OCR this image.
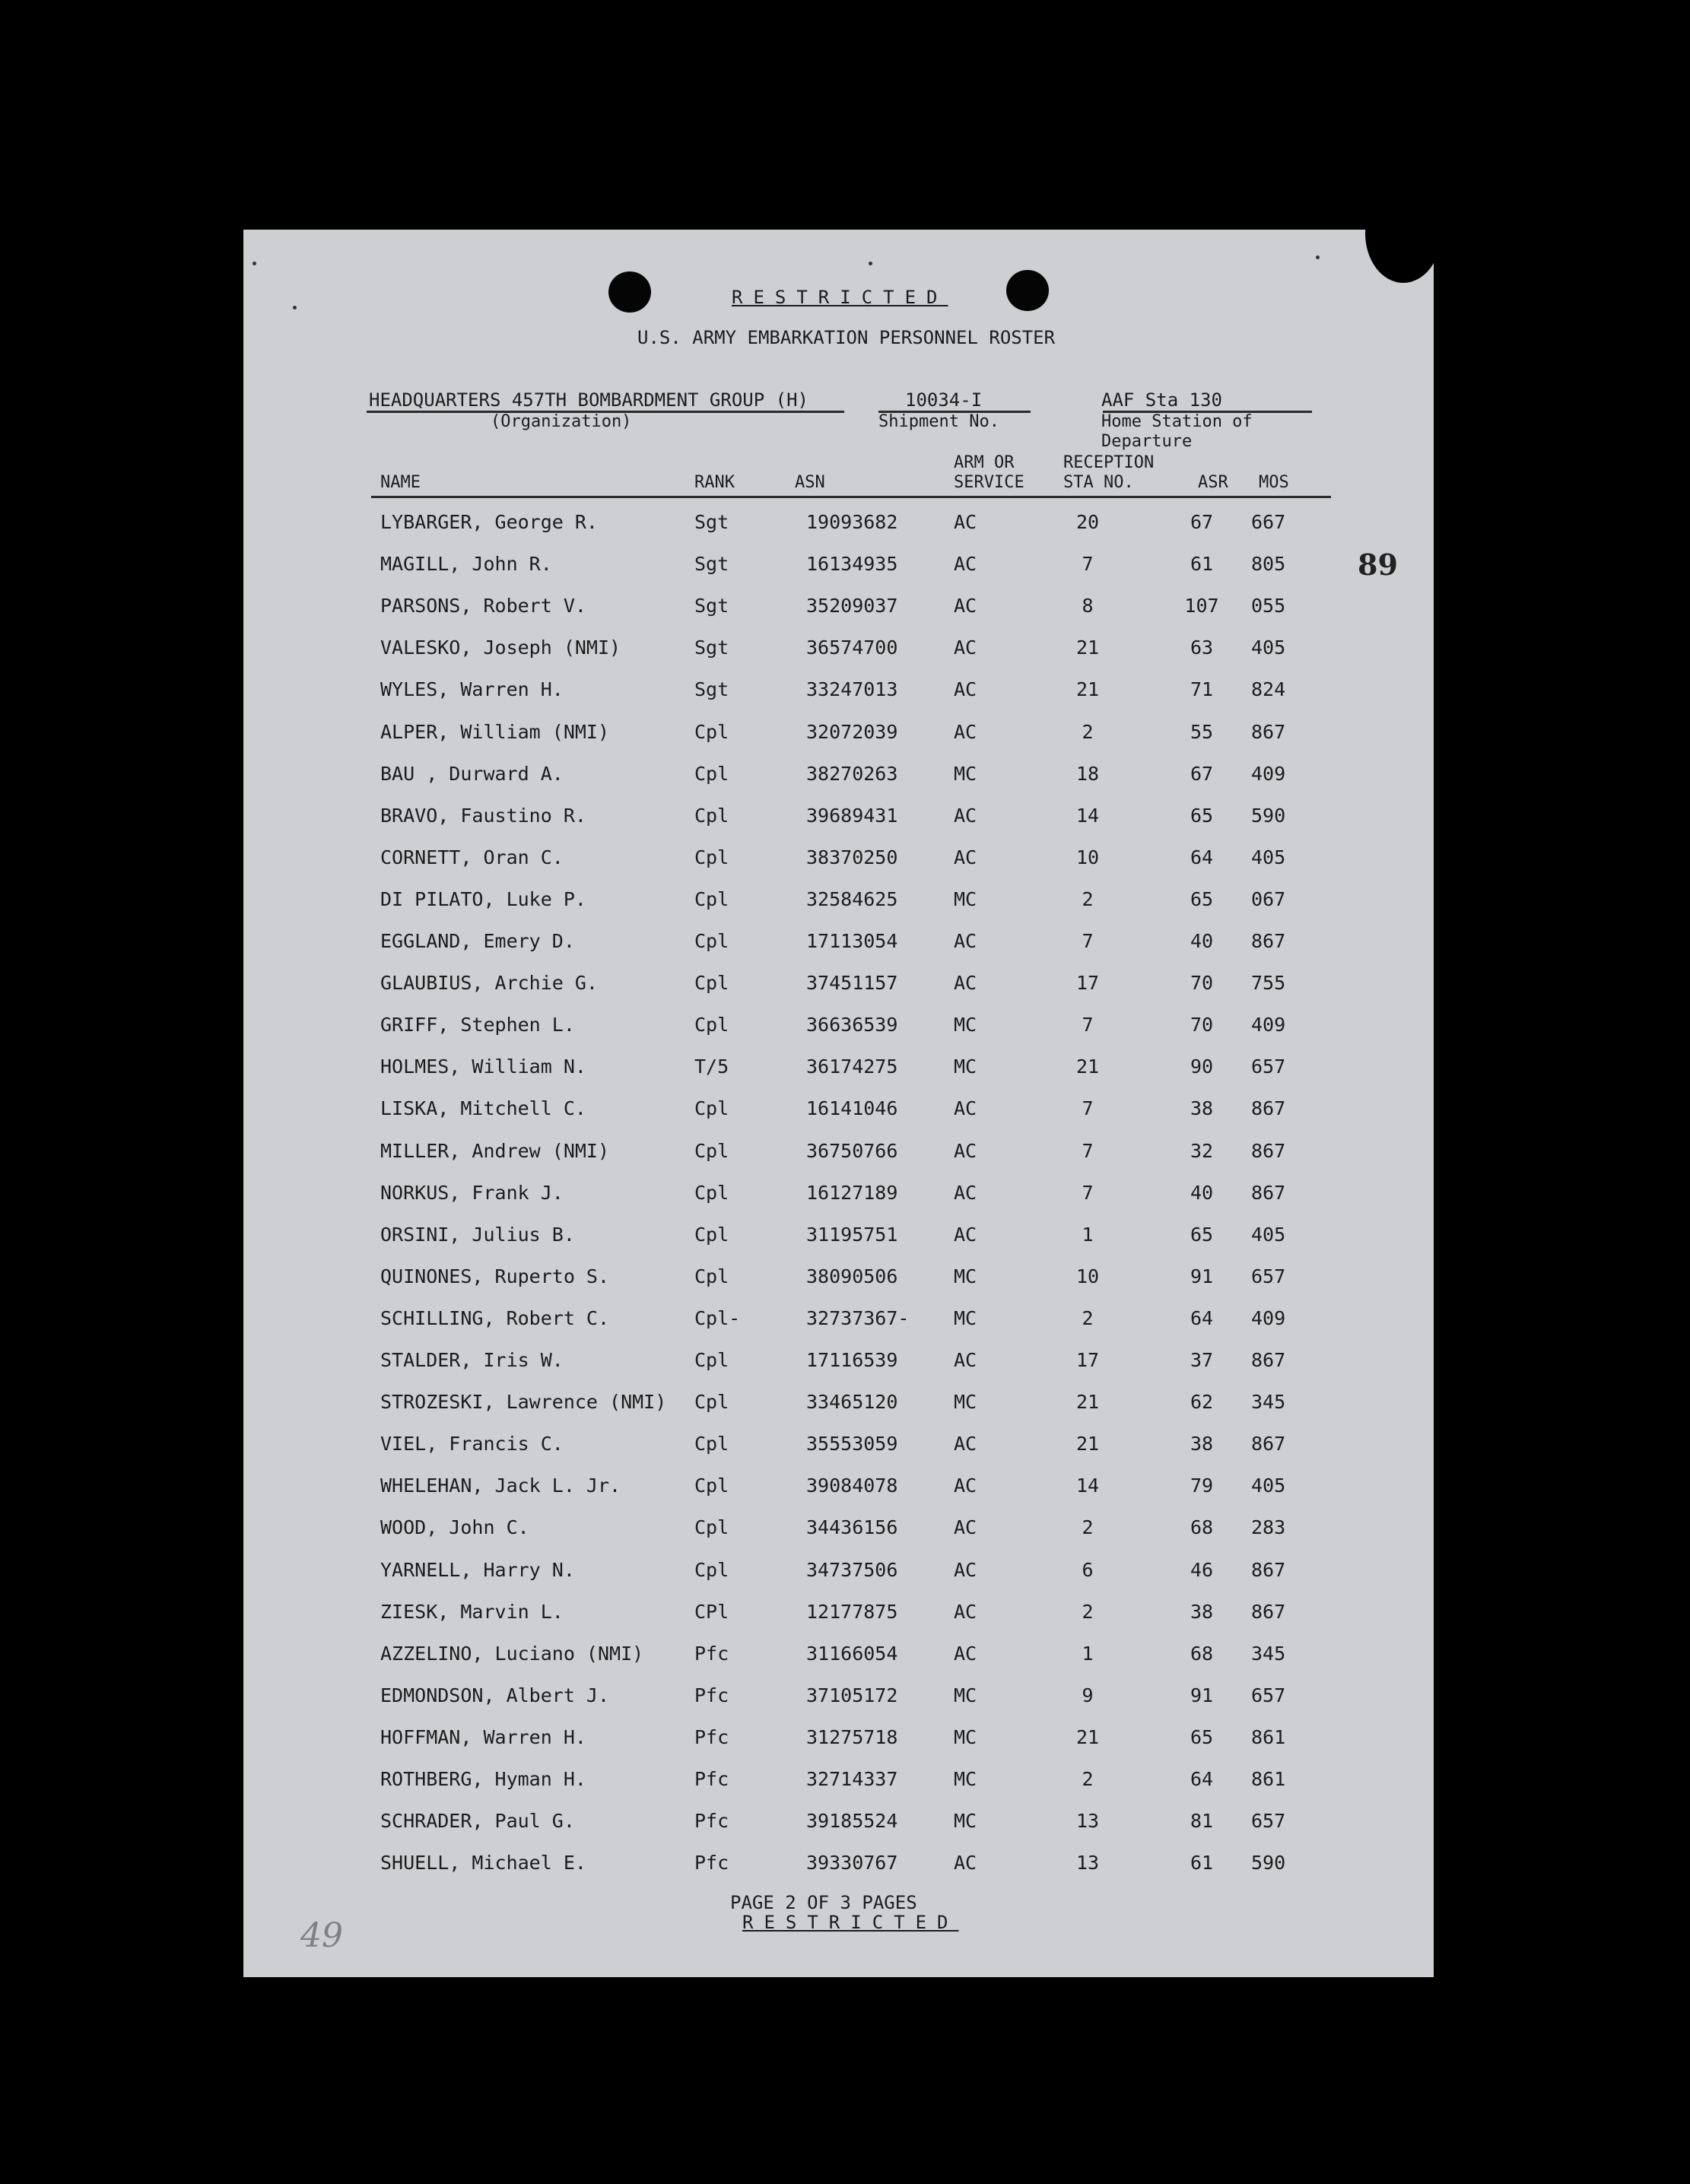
RESTRICTED
U.S. ARMY EMBARKATION PERSONNEL ROSTER
HEADQUARTERS 457TH BOMBARDMENT GROUP (H)
(Organization)
10034-I
Shipment No.
AAF Sta 130
Home Station of
Departure
NAME	RANK	ASN
ARM OR
SERVICE
RECEPTION
STA NO.	ASR MOS
LYBARGER, George R.	Sgt	19093682	AC	20	67	667
MAGILL, John R.	Sgt	16134935	AC	7	61	805
PARSONS, Robert V.	Sgt	35209037	AC	8	107 055
VALESKO, Joseph (NMI)	Sgt	36574700	AC	21	63	405
WYLES, Warren H.	Sgt	33247013	AC	21	71	824
ALPER, William (NMI)	Cpl	32072039	AC	2	55	867
BAU , Durward A.	Cpl	38270263	MC	18	67	409
BRAVO, Faustino R.	Cpl	39689431	AC	14	65	590
CORNETT, Oran C.	Cpl	38370250	AC	10	64	405
DI PILATO, Luke P.	Cpl	32584625	MC	2	65	067
EGGLAND, Emery D.	Cpl	17113054	AC	7	40	867
GLAUBIUS, Archie G.	Cpl	37451157	AC	17	70	755
GRIFF, Stephen L.	Cpl	36636539	MC	7	70	409
HOLMES, William N.	T/5	36174275	MC	21	90	657
LISKA, Mitchell C.	Cpl	16141046	AC	7	38	867
MILLER, Andrew (NMI)	Cpl	36750766	AC	7	32	867
NORKUS, Frank J.	Cpl	16127189	AC	7	40	867
ORSINI, Julius B.	Cpl	31195751	AC	1	65	405
QUINONES, Ruperto S.	Cpl	38090506	MC	10	91	657
SCHILLING, Robert C.	Cpl-	32737367- MC	2	64	409
STALDER, Iris W.	Cpl	17116539	AC	17	37	867
STROZESKI, Lawrence (NMI) Cpl	33465120	MC	21	62	345
VIEL, Francis C.	Cpl	35553059	AC	21	38	867
WHELEHAN, Jack L. Jr.	Cpl	39084078	AC	14	79	405
WOOD, John C.	Cpl	34436156	AC	2	68	283
YARNELL, Harry N.	Cpl	34737506	AC	6	46	867
ZIESK, Marvin L.	CPl	12177875	AC	2	38	867
AZZELINO, Luciano (NMI)	Pfc	31166054	AC	1	68	345
EDMONDSON, Albert J.	Pfc	37105172	MC	9	91	657
HOFFMAN, Warren H.	Pfc	31275718	MC	21	65	861
ROTHBERG, Hyman H.	Pfc	32714337	MC	2	64	861
SCHRADER, Paul G.	Pfc	39185524	MC	13	81	657
SHUELL, Michael E.	Pfc	39330767	AC	13	61	590
PAGE 2 OF 3 PAGES
RESTRICTED
89
49
